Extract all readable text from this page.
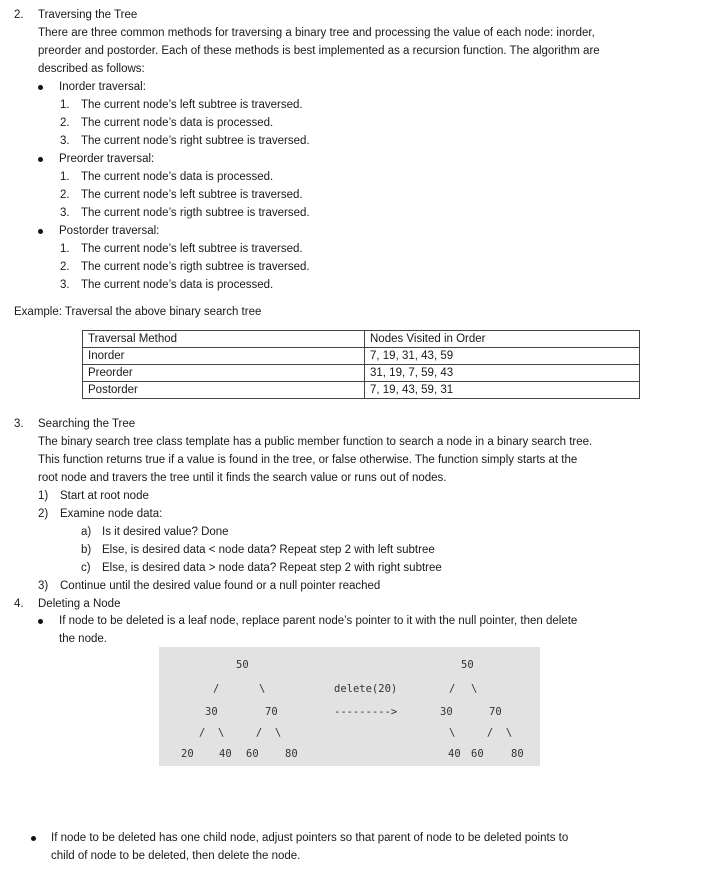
2. Traversing the Tree
There are three common methods for traversing a binary tree and processing the value of each node: inorder,
preorder and postorder. Each of these methods is best implemented as a recursion function. The algorithm are
described as follows:
Inorder traversal:
1. The current node’s left subtree is traversed.
2. The current node’s data is processed.
3. The current node’s right subtree is traversed.
Preorder traversal:
1. The current node’s data is processed.
2. The current node’s left subtree is traversed.
3. The current node’s rigth subtree is traversed.
Postorder traversal:
1. The current node’s left subtree is traversed.
2. The current node’s rigth subtree is traversed.
3. The current node’s data is processed.
Example: Traversal the above binary search tree
Traversal Method	Nodes Visited in Order
Inorder	7, 19, 31, 43, 59
Preorder	31, 19, 7, 59, 43
Postorder	7, 19, 43, 59, 31
3. Searching the Tree
The binary search tree class template has a public member function to search a node in a binary search tree.
This function returns true if a value is found in the tree, or false otherwise. The function simply starts at the
root node and travers the tree until it finds the search value or runs out of nodes.
1) Start at root node
2) Examine node data:
a) Is it desired value? Done
b) Else, is desired data < node data? Repeat step 2 with left subtree
c) Else, is desired data > node data? Repeat step 2 with right subtree
3) Continue until the desired value found or a null pointer reached
4. Deleting a Node
If node to be deleted is a leaf node, replace parent node’s pointer to it with the null pointer, then delete
the node.
50
/	\
30	70
/  \     /  \
20 40 60	80
delete(20)
--------->
50
/ \
30	70
\     /  \
40 60	80
If node to be deleted has one child node, adjust pointers so that parent of node to be deleted points to
child of node to be deleted, then delete the node.
